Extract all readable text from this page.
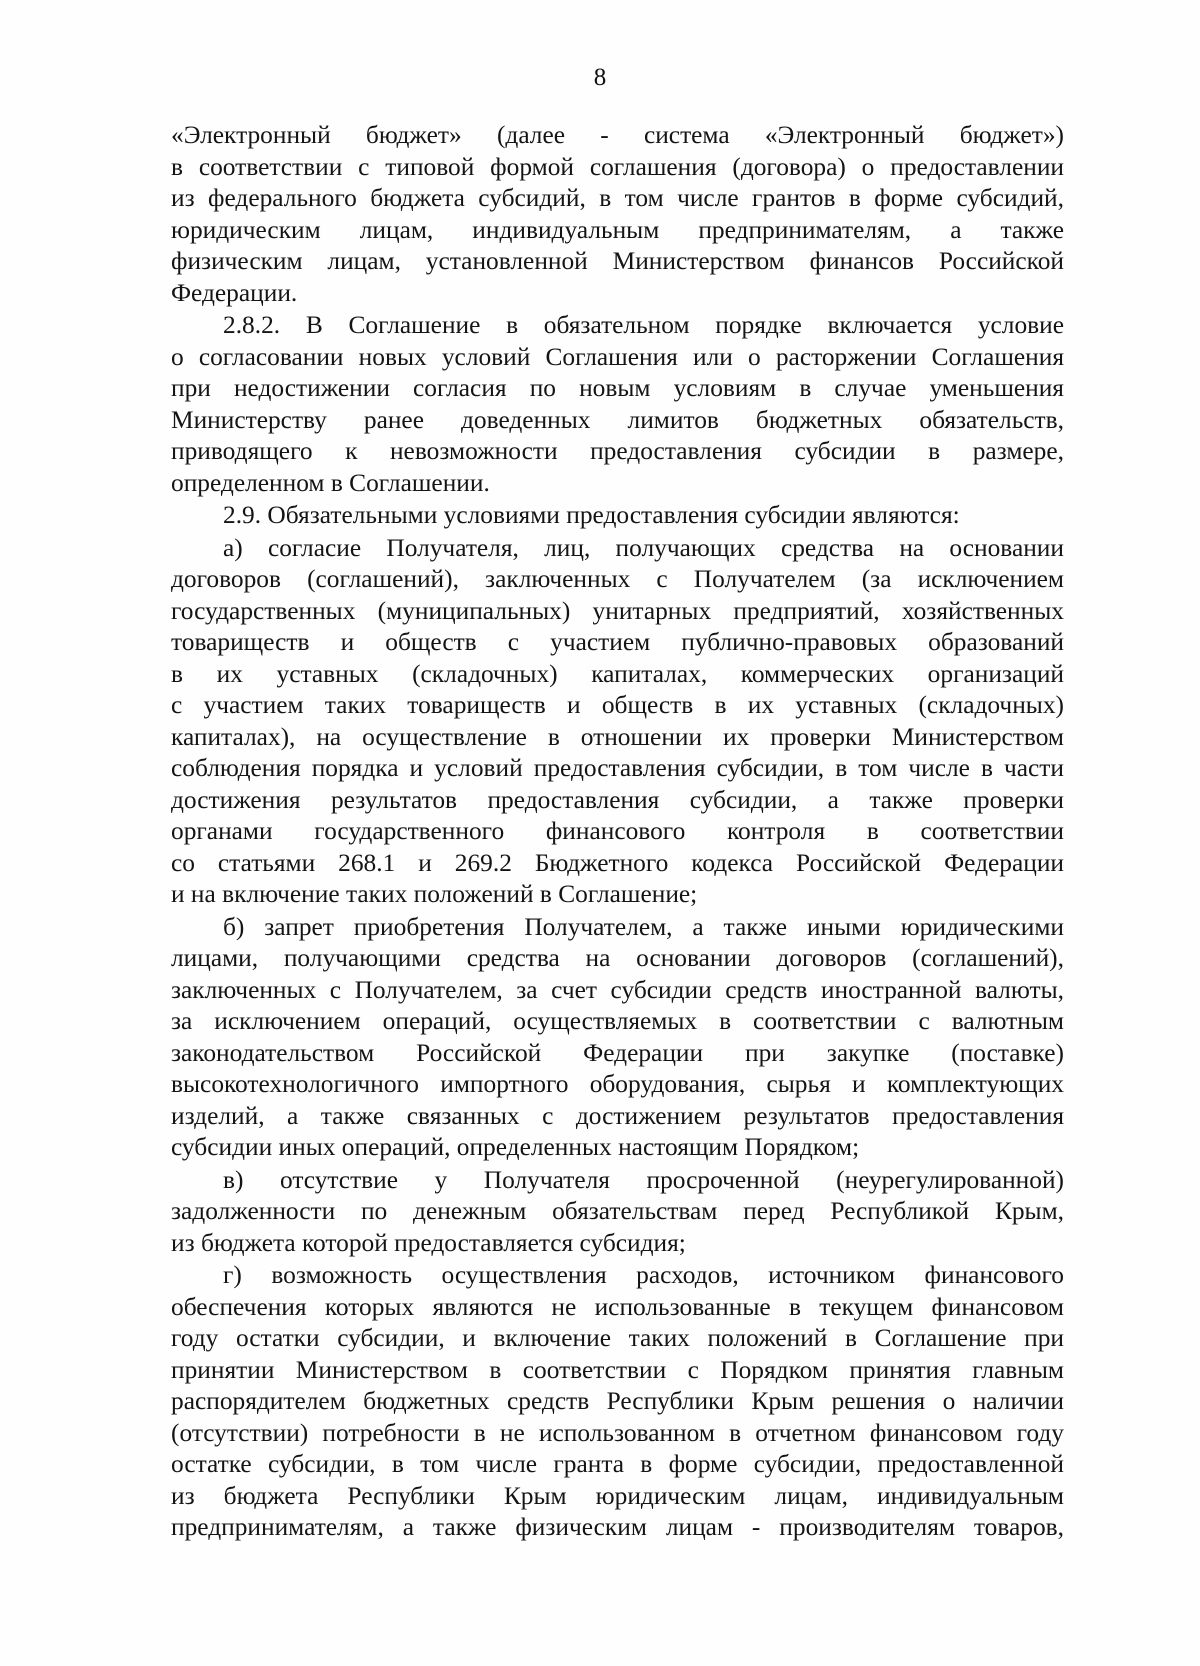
8

«Электронный бюджет» (далее - система «Электронный бюджет»)

в соответствии с типовой формой соглашения (договора) о предоставлении

из федерального бюджета субсидий, в том числе грантов в форме субсидий,

юридическим лицам, индивидуальным предпринимателям, а также

физическим лицам, установленной Министерством финансов Российской

Федерации.

2.8.2. В Соглашение в обязательном порядке включается условие

о согласовании новых условий Соглашения или о расторжении Соглашения

при недостижении согласия по новым условиям в случае уменьшения

Министерству ранее доведенных лимитов бюджетных обязательств,

приводящего к невозможности предоставления субсидии в размере,

определенном в Соглашении.

2.9. Обязательными условиями предоставления субсидии являются:

а) согласие Получателя, лиц, получающих средства на основании

договоров (соглашений), заключенных с Получателем (за исключением

государственных (муниципальных) унитарных предприятий, хозяйственных

товариществ и обществ с участием публично-правовых образований

в их уставных (складочных) капиталах, коммерческих организаций

с участием таких товариществ и обществ в их уставных (складочных)

капиталах), на осуществление в отношении их проверки Министерством

соблюдения порядка и условий предоставления субсидии, в том числе в части

достижения результатов предоставления субсидии, а также проверки

органами государственного финансового контроля в соответствии

со статьями 268.1 и 269.2 Бюджетного кодекса Российской Федерации

и на включение таких положений в Соглашение;

б) запрет приобретения Получателем, а также иными юридическими

лицами, получающими средства на основании договоров (соглашений),

заключенных с Получателем, за счет субсидии средств иностранной валюты,

за исключением операций, осуществляемых в соответствии с валютным

законодательством Российской Федерации при закупке (поставке)

высокотехнологичного импортного оборудования, сырья и комплектующих

изделий, а также связанных с достижением результатов предоставления

субсидии иных операций, определенных настоящим Порядком;

в) отсутствие у Получателя просроченной (неурегулированной)

задолженности по денежным обязательствам перед Республикой Крым,

из бюджета которой предоставляется субсидия;

г) возможность осуществления расходов, источником финансового

обеспечения которых являются не использованные в текущем финансовом

году остатки субсидии, и включение таких положений в Соглашение при

принятии Министерством в соответствии с Порядком принятия главным

распорядителем бюджетных средств Республики Крым решения о наличии

(отсутствии) потребности в не использованном в отчетном финансовом году

остатке субсидии, в том числе гранта в форме субсидии, предоставленной

из бюджета Республики Крым юридическим лицам, индивидуальным

предпринимателям, а также физическим лицам - производителям товаров,
